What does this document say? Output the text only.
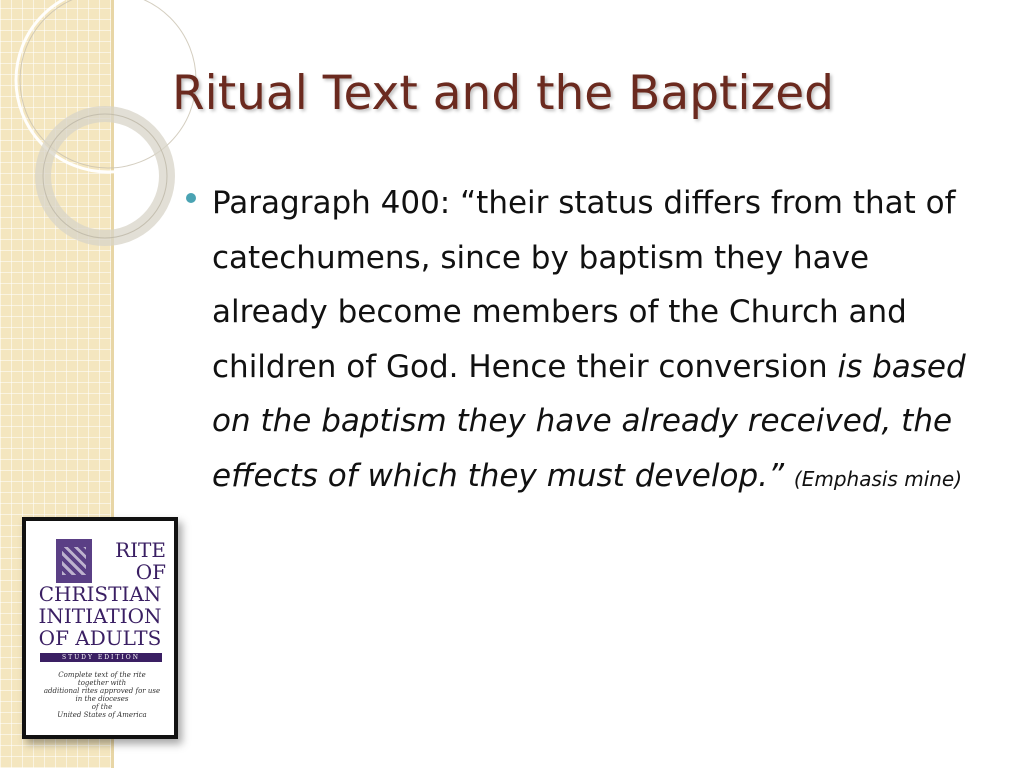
Ritual Text and the Baptized
Paragraph 400: “their status differs from that of catechumens, since by baptism they have already become members of the Church and children of God. Hence their conversion is based on the baptism they have already received, the effects of which they must develop.” (Emphasis mine)
RITE
OF
CHRISTIAN
INITIATION
OF ADULTS
STUDY EDITION
Complete text of the rite
together with
additional rites approved for use
in the dioceses
of the
United States of America
